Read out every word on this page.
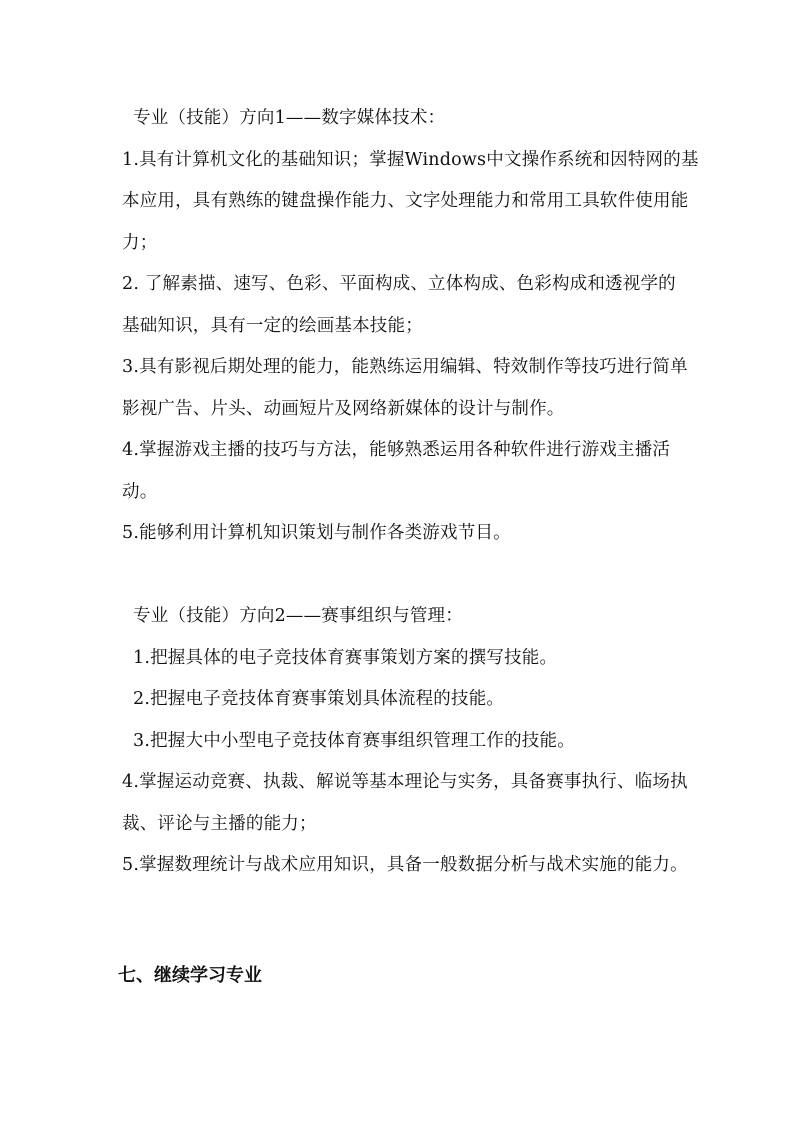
专业（技能）方向1——数字媒体技术：
1.具有计算机文化的基础知识；掌握Windows中文操作系统和因特网的基
本应用，具有熟练的键盘操作能力、文字处理能力和常用工具软件使用能
力；
2. 了解素描、速写、色彩、平面构成、立体构成、色彩构成和透视学的
基础知识，具有一定的绘画基本技能；
3.具有影视后期处理的能力，能熟练运用编辑、特效制作等技巧进行简单
影视广告、片头、动画短片及网络新媒体的设计与制作。
4.掌握游戏主播的技巧与方法，能够熟悉运用各种软件进行游戏主播活
动。
5.能够利用计算机知识策划与制作各类游戏节目。
专业（技能）方向2——赛事组织与管理：
1.把握具体的电子竞技体育赛事策划方案的撰写技能。
2.把握电子竞技体育赛事策划具体流程的技能。
3.把握大中小型电子竞技体育赛事组织管理工作的技能。
4.掌握运动竞赛、执裁、解说等基本理论与实务，具备赛事执行、临场执
裁、评论与主播的能力；
5.掌握数理统计与战术应用知识，具备一般数据分析与战术实施的能力。
七、继续学习专业
